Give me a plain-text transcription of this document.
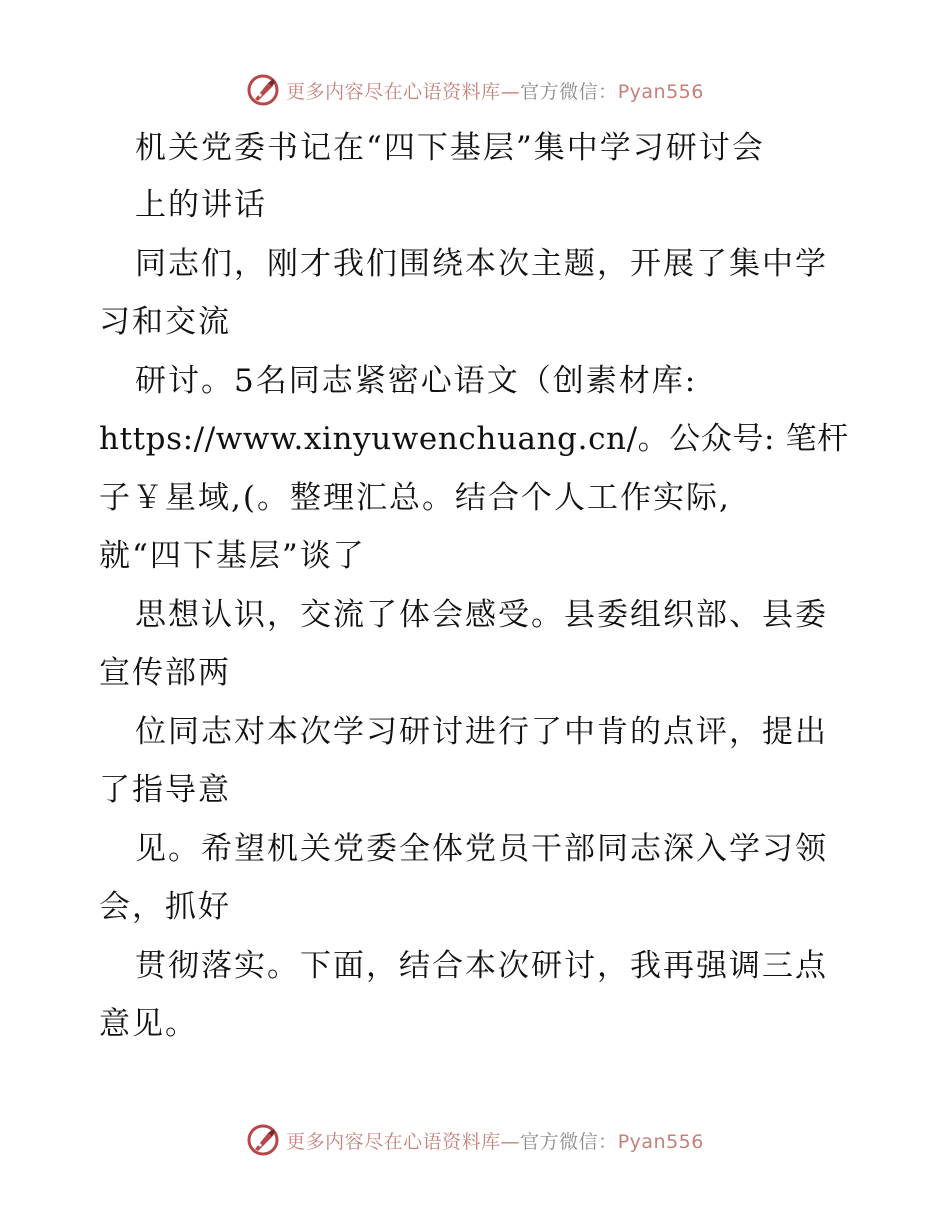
更多内容尽在心语资料库—官方微信：Pyan556
机关党委书记在“四下基层”集中学习研讨会
上的讲话
同志们，刚才我们围绕本次主题，开展了集中学
习和交流
研讨。5名同志紧密心语文（创素材库:
https://www.xinyuwenchuang.cn/。公众号: 笔杆
子￥星域,(。整理汇总。结合个人工作实际,
就“四下基层”谈了
思想认识，交流了体会感受。县委组织部、县委
宣传部两
位同志对本次学习研讨进行了中肯的点评，提出
了指导意
见。希望机关党委全体党员干部同志深入学习领
会，抓好
贯彻落实。下面，结合本次研讨，我再强调三点
意见。
更多内容尽在心语资料库—官方微信：Pyan556
